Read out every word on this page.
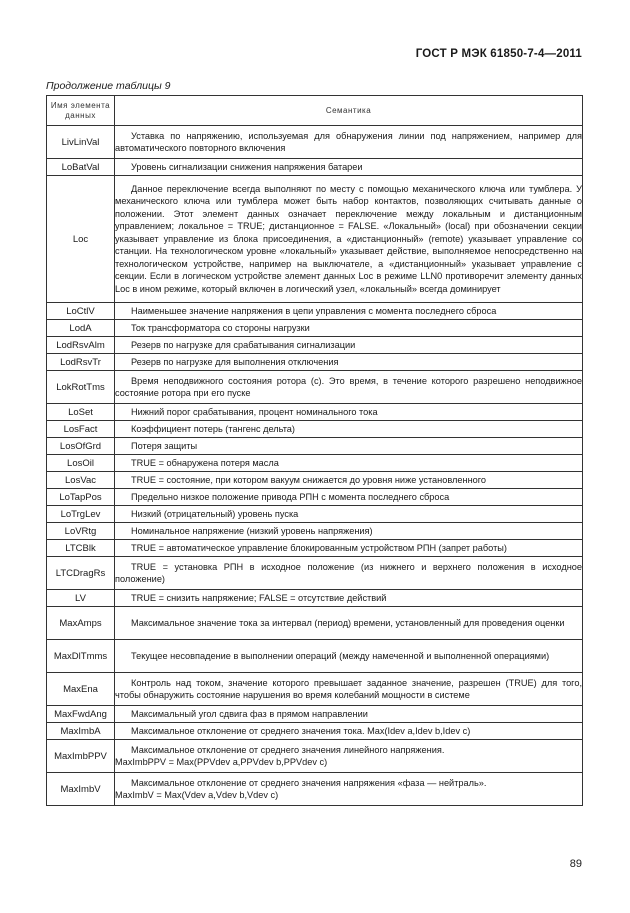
ГОСТ Р МЭК 61850-7-4—2011
Продолжение таблицы 9
Имя элемента
данных	Семантика
LivLinVal	Уставка по напряжению, используемая для обнаружения линии под напряжением, например для автоматического повторного включения
LoBatVal	Уровень сигнализации снижения напряжения батареи
Loc	Данное переключение всегда выполняют по месту с помощью механического ключа или тумблера. У механического ключа или тумблера может быть набор контактов, позволяющих считывать данные о положении. Этот элемент данных означает переключение между локальным и дистанционным управлением; локальное = TRUE; дистанционное = FALSE. «Локальный» (local) при обозначении секции указывает управление из блока присоединения, а «дистанционный» (remote) указывает управление со станции. На технологическом уровне «локальный» указывает действие, выполняемое непосредственно на технологическом устройстве, например на выключателе, а «дистанционный» указывает управление с секции. Если в логическом устройстве элемент данных Loc в режиме LLN0 противоречит элементу данных Loc в ином режиме, который включен в логический узел, «локальный» всегда доминирует
LoCtlV	Наименьшее значение напряжения в цепи управления с момента последнего сброса
LodA	Ток трансформатора со стороны нагрузки
LodRsvAlm	Резерв по нагрузке для срабатывания сигнализации
LodRsvTr	Резерв по нагрузке для выполнения отключения
LokRotTms	Время неподвижного состояния ротора (с). Это время, в течение которого разрешено неподвижное состояние ротора при его пуске
LoSet	Нижний порог срабатывания, процент номинального тока
LosFact	Коэффициент потерь (тангенс дельта)
LosOfGrd	Потеря защиты
LosOil	TRUE = обнаружена потеря масла
LosVac	TRUE = состояние, при котором вакуум снижается до уровня ниже установленного
LoTapPos	Предельно низкое положение привода РПН с момента последнего сброса
LoTrgLev	Низкий (отрицательный) уровень пуска
LoVRtg	Номинальное напряжение (низкий уровень напряжения)
LTCBlk	TRUE = автоматическое управление блокированным устройством РПН (запрет работы)
LTCDragRs	TRUE = установка РПН в исходное положение (из нижнего и верхнего положения в исходное положение)
LV	TRUE = снизить напряжение; FALSE = отсутствие действий
MaxAmps	Максимальное значение тока за интервал (период) времени, установленный для проведения оценки
MaxDlTmms	Текущее несовпадение в выполнении операций (между намеченной и выполненной операциями)
MaxEna	Контроль над током, значение которого превышает заданное значение, разрешен (TRUE) для того, чтобы обнаружить состояние нарушения во время колебаний мощности в системе
MaxFwdAng	Максимальный угол сдвига фаз в прямом направлении
MaxImbA	Максимальное отклонение от среднего значения тока. Max(Idev a,Idev b,Idev c)
MaxImbPPV	Максимальное отклонение от среднего значения линейного напряжения.
MaxImbPPV = Max(PPVdev a,PPVdev b,PPVdev c)

MaxImbV	Максимальное отклонение от среднего значения напряжения «фаза — нейтраль».
MaxImbV = Max(Vdev a,Vdev b,Vdev c)
89
